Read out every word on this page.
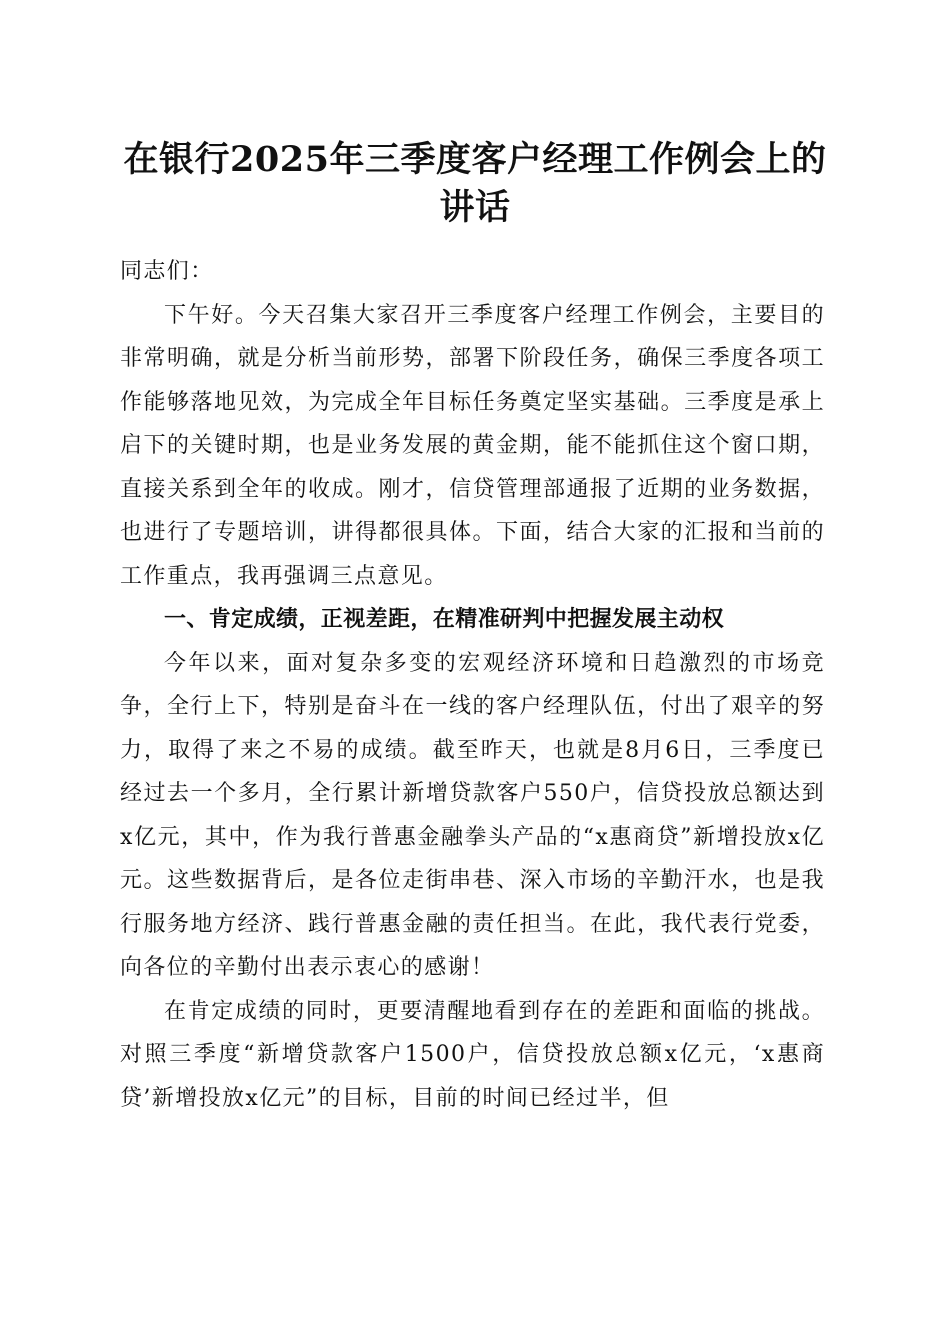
在银行2025年三季度客户经理工作例会上的
讲话

同志们：

下午好。今天召集大家召开三季度客户经理工作例会，主要目的非常明确，就是分析当前形势，部署下阶段任务，确保三季度各项工作能够落地见效，为完成全年目标任务奠定坚实基础。三季度是承上启下的关键时期，也是业务发展的黄金期，能不能抓住这个窗口期，直接关系到全年的收成。刚才，信贷管理部通报了近期的业务数据，也进行了专题培训，讲得都很具体。下面，结合大家的汇报和当前的工作重点，我再强调三点意见。

一、肯定成绩，正视差距，在精准研判中把握发展主动权

今年以来，面对复杂多变的宏观经济环境和日趋激烈的市场竞争，全行上下，特别是奋斗在一线的客户经理队伍，付出了艰辛的努力，取得了来之不易的成绩。截至昨天，也就是8月6日，三季度已经过去一个多月，全行累计新增贷款客户550户，信贷投放总额达到x亿元，其中，作为我行普惠金融拳头产品的“x惠商贷”新增投放x亿元。这些数据背后，是各位走街串巷、深入市场的辛勤汗水，也是我行服务地方经济、践行普惠金融的责任担当。在此，我代表行党委，向各位的辛勤付出表示衷心的感谢！

在肯定成绩的同时，更要清醒地看到存在的差距和面临的挑战。对照三季度“新增贷款客户1500户，信贷投放总额x亿元，‘x惠商贷’新增投放x亿元”的目标，目前的时间已经过半，但
